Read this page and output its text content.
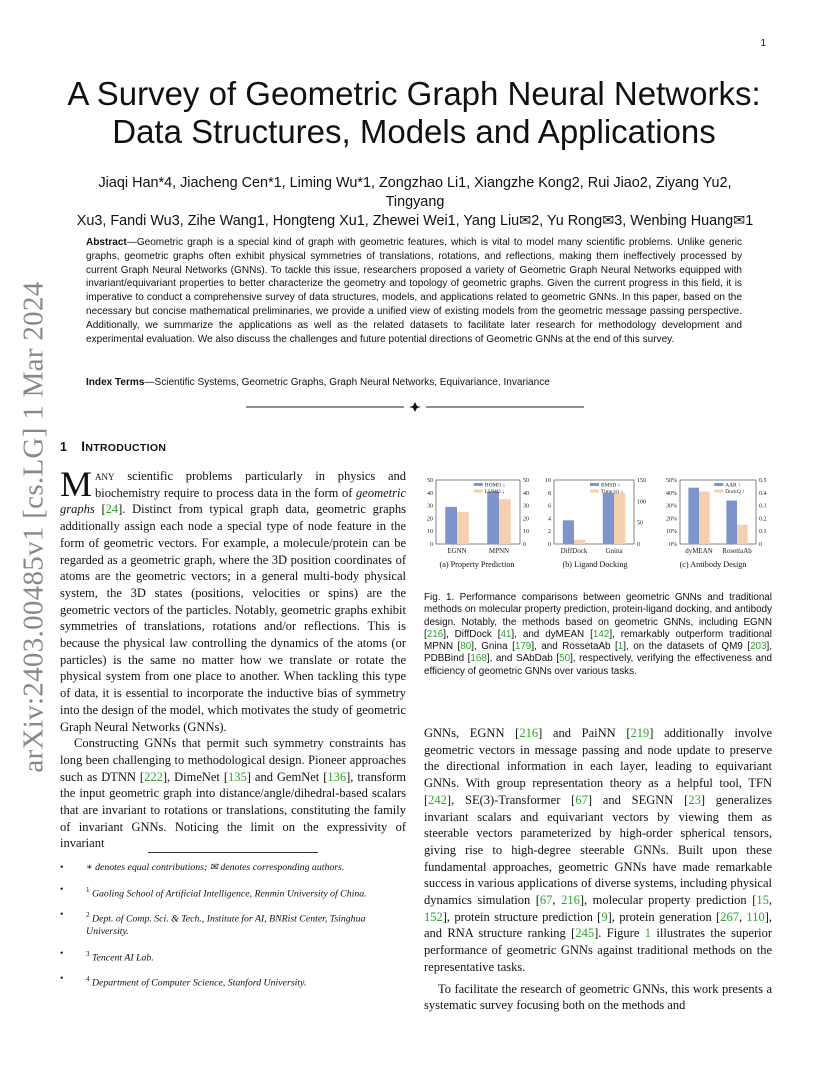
1
arXiv:2403.00485v1 [cs.LG] 1 Mar 2024
A Survey of Geometric Graph Neural Networks:
Data Structures, Models and Applications
Jiaqi Han*4, Jiacheng Cen*1, Liming Wu*1, Zongzhao Li1, Xiangzhe Kong2, Rui Jiao2, Ziyang Yu2, Tingyang
Xu3, Fandi Wu3, Zihe Wang1, Hongteng Xu1, Zhewei Wei1, Yang Liu✉2, Yu Rong✉3, Wenbing Huang✉1
Abstract—Geometric graph is a special kind of graph with geometric features, which is vital to model many scientific problems. Unlike generic graphs, geometric graphs often exhibit physical symmetries of translations, rotations, and reflections, making them ineffectively processed by current Graph Neural Networks (GNNs). To tackle this issue, researchers proposed a variety of Geometric Graph Neural Networks equipped with invariant/equivariant properties to better characterize the geometry and topology of geometric graphs. Given the current progress in this field, it is imperative to conduct a comprehensive survey of data structures, models, and applications related to geometric GNNs. In this paper, based on the necessary but concise mathematical preliminaries, we provide a unified view of existing models from the geometric message passing perspective. Additionally, we summarize the applications as well as the related datasets to facilitate later research for methodology development and experimental evaluation. We also discuss the challenges and future potential directions of Geometric GNNs at the end of this survey.
Index Terms—Scientific Systems, Geometric Graphs, Graph Neural Networks, Equivariance, Invariance
1 INTRODUCTION

Many scientific problems particularly in physics and biochemistry require to process data in the form of geometric graphs [24]. Distinct from typical graph data, geometric graphs additionally assign each node a special type of node feature in the form of geometric vectors. For example, a molecule/protein can be regarded as a geometric graph, where the 3D position coordinates of atoms are the geometric vectors; in a general multi-body physical system, the 3D states (positions, velocities or spins) are the geometric vectors of the particles. Notably, geometric graphs exhibit symmetries of translations, rotations and/or reflections. This is because the physical law controlling the dynamics of the atoms (or particles) is the same no matter how we translate or rotate the physical system from one place to another. When tackling this type of data, it is essential to incorporate the inductive bias of symmetry into the design of the model, which motivates the study of geometric Graph Neural Networks (GNNs).

Constructing GNNs that permit such symmetry constraints has long been challenging to methodological design. Pioneer approaches such as DTNN [222], DimeNet [135] and GemNet [136], transform the input geometric graph into distance/angle/dihedral-based scalars that are invariant to rotations or translations, constituting the family of invariant GNNs. Noticing the limit on the expressivity of invariant

• ∗ denotes equal contributions; ✉ denotes corresponding authors.
•	$^1$ Gaoling School of Artificial Intelligence, Renmin University of China.
•	$^2$ Dept. of Comp. Sci. & Tech., Institute for AI, BNRist Center, Tsinghua University.
•	$^3$ Tencent AI Lab.
•	$^4$ Department of Computer Science, Stanford University.
0
10
20
30
40
50
0
10
20
30
40
50
EGNN	MPNN
HOMO ↓
LUMO ↓
(a) Property Prediction
0
2
4
6
8
10
0
50
100
150
DiffDock	Gnina
RMSD ↓
Time (s) ↓
(b) Ligand Docking
0%
10%
20%
30%
40%
50%
0
0.1
0.2
0.3
0.4
0.5
dyMEAN RosettaAb
AAR ↑
DockQ ↑
(c) Antibody Design
Fig. 1. Performance comparisons between geometric GNNs and traditional methods on molecular property prediction, protein-ligand docking, and antibody design. Notably, the methods based on geometric GNNs, including EGNN [216], DiffDock [41], and dyMEAN [142], remarkably outperform traditional MPNN [80], Gnina [179], and RossetaAb [1], on the datasets of QM9 [203], PDBBind [168], and SAbDab [50], respectively, verifying the effectiveness and efficiency of geometric GNNs over various tasks.

GNNs, EGNN [216] and PaiNN [219] additionally involve geometric vectors in message passing and node update to preserve the directional information in each layer, leading to equivariant GNNs. With group representation theory as a helpful tool, TFN [242], SE(3)-Transformer [67] and SEGNN [23] generalizes invariant scalars and equivariant vectors by viewing them as steerable vectors parameterized by high-order spherical tensors, giving rise to high-degree steerable GNNs. Built upon these fundamental approaches, geometric GNNs have made remarkable success in various applications of diverse systems, including physical dynamics simulation [67, 216], molecular property prediction [15, 152], protein structure prediction [9], protein generation [267, 110], and RNA structure ranking [245]. Figure 1 illustrates the superior performance of geometric GNNs against traditional methods on the representative tasks.

To facilitate the research of geometric GNNs, this work presents a systematic survey focusing both on the methods and
